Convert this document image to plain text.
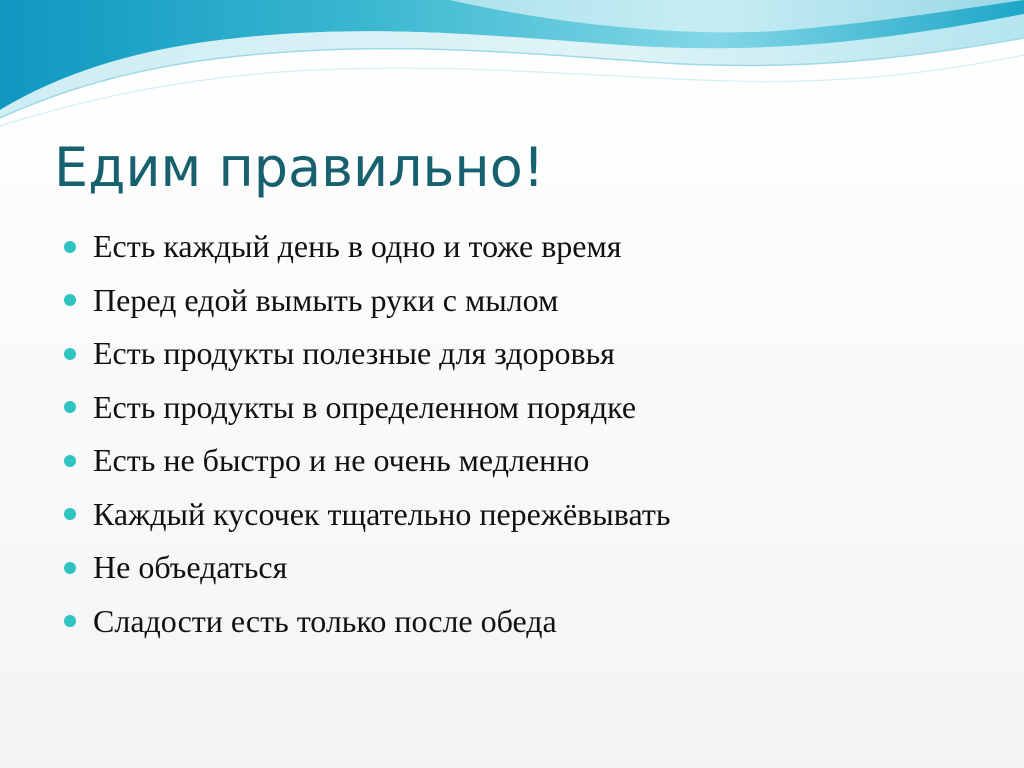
Едим правильно!
Есть каждый день в одно и тоже время
Перед едой вымыть руки с мылом
Есть продукты полезные для здоровья
Есть продукты в определенном порядке
Есть не быстро и не очень медленно
Каждый кусочек тщательно пережёвывать
Не объедаться
Сладости есть только после обеда
